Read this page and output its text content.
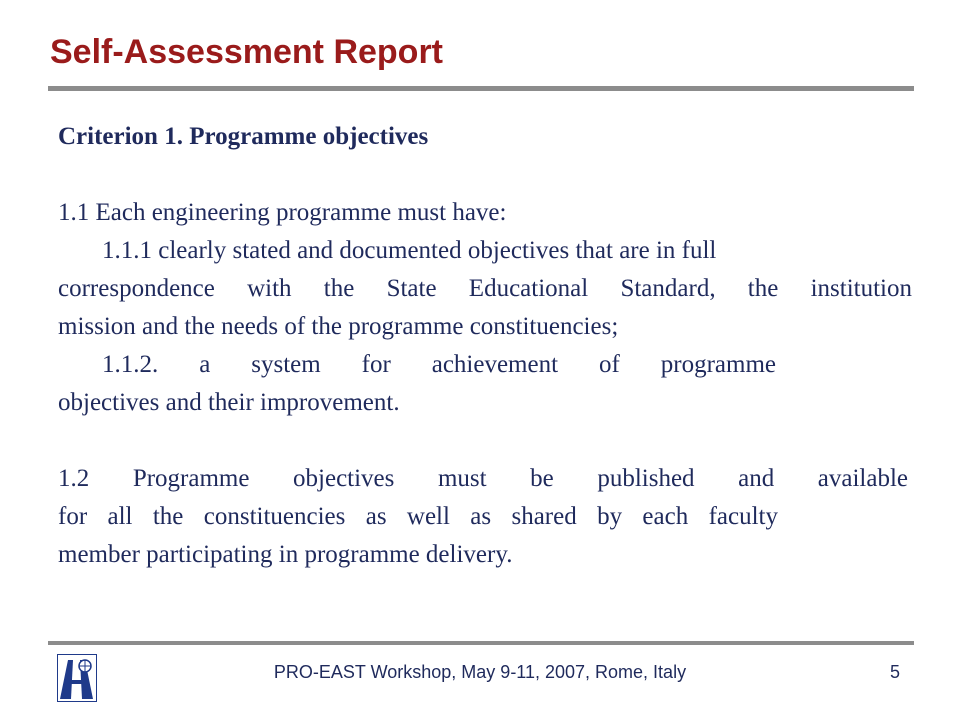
Self-Assessment Report
Criterion 1. Programme objectives
1.1 Each engineering programme must have:
1.1.1 clearly stated and documented objectives that are in full
correspondence with the State Educational Standard, the institution
mission and the needs of the programme constituencies;
1.1.2. a system for achievement of programme
objectives and their improvement.
1.2 Programme objectives must be published and available
for all the constituencies as well as shared by each faculty
member participating in programme delivery.
PRO-EAST Workshop, May 9-11, 2007, Rome, Italy	5
